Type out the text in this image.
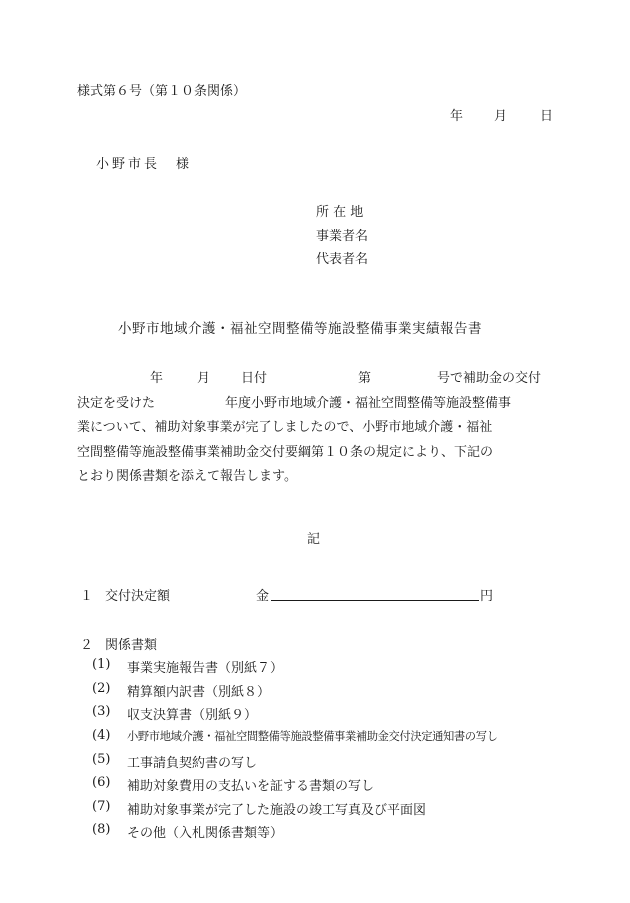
様式第６号（第１０条関係）
年 月	日
小野市長　様
所 在 地
事業者名
代表者名
小野市地域介護・福祉空間整備等施設整備事業実績報告書
年	月 日付	第	号で補助金の交付
決定を受けた	年度小野市地域介護・福祉空間整備等施設整備事
業について、補助対象事業が完了しましたので、小野市地域介護・福祉
空間整備等施設整備事業補助金交付要綱第１０条の規定により、下記の
とおり関係書類を添えて報告します。
記
１ 交付決定額	金	円
２ 関係書類
(1) 事業実施報告書（別紙７）
(2) 精算額内訳書（別紙８）
(3) 収支決算書（別紙９）
(4) 小野市地域介護・福祉空間整備等施設整備事業補助金交付決定通知書の写し
(5) 工事請負契約書の写し
(6) 補助対象費用の支払いを証する書類の写し
(7) 補助対象事業が完了した施設の竣工写真及び平面図
(8) その他（入札関係書類等）
